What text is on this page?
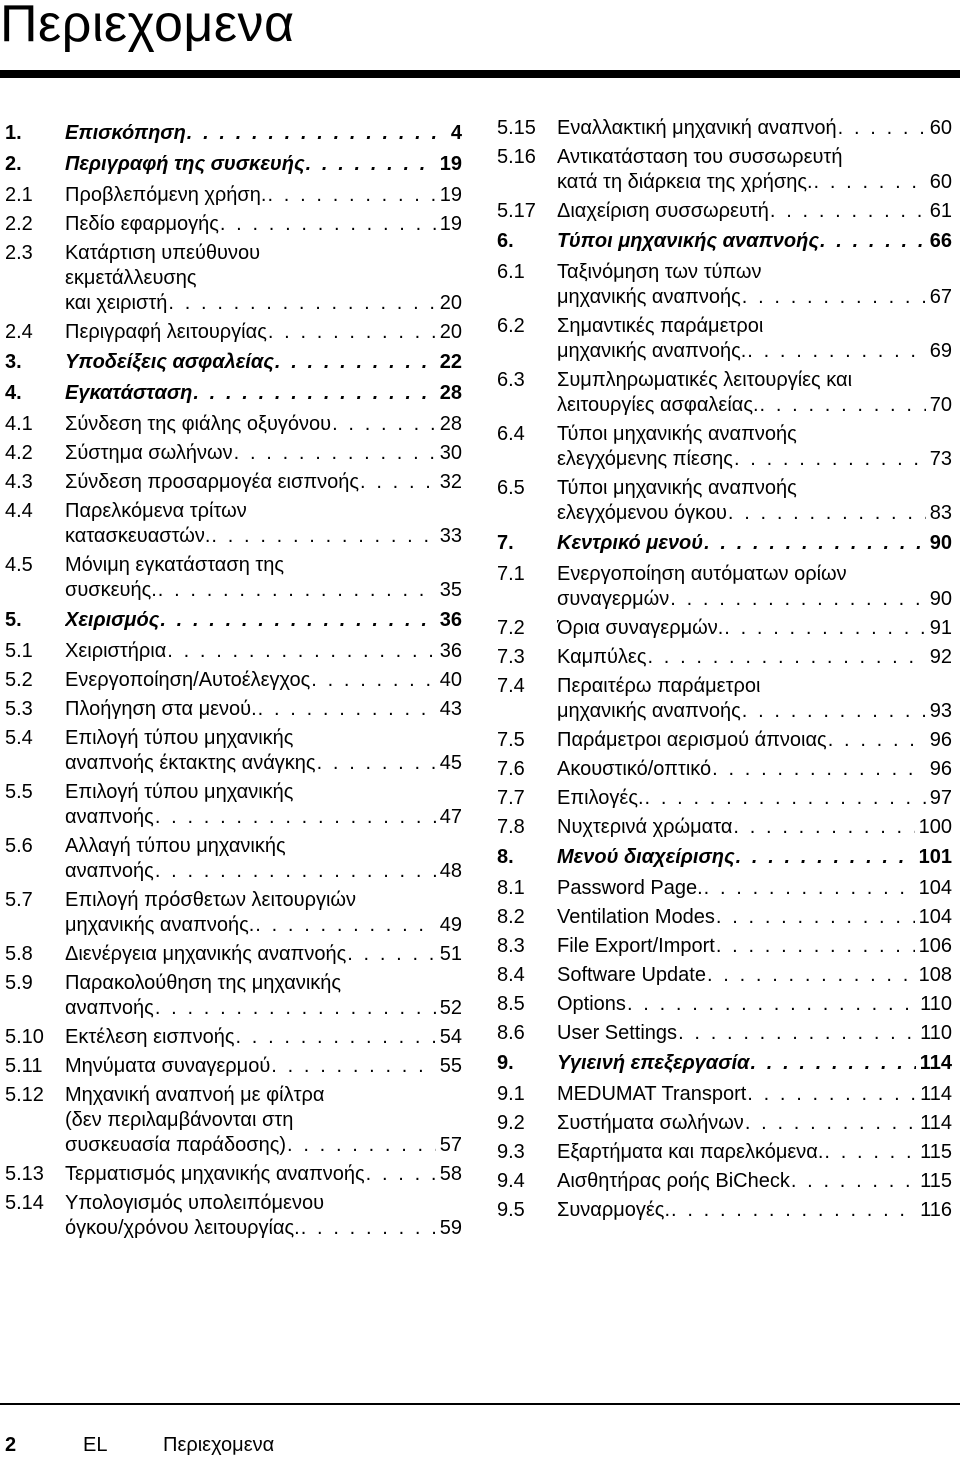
Περιεχομενα
1.	Επισκόπηση . . .	4
2.	Περιγραφή της συσκευής . . .	19
2.1	Προβλεπόμενη χρήση. . . .	19
2.2	Πεδίο εφαρμογής . . .	19
2.3	Κατάρτιση υπεύθυνου
εκμετάλλευσης
και χειριστή . . .	20
2.4	Περιγραφή λειτουργίας . . .	20
3.	Υποδείξεις ασφαλείας . . .	22
4.	Εγκατάσταση . . .	28
4.1	Σύνδεση της φιάλης οξυγόνου . . .	28
4.2	Σύστημα σωλήνων . . .	30
4.3	Σύνδεση προσαρμογέα εισπνοής . . .	32
4.4	Παρελκόμενα τρίτων
κατασκευαστών. . . .	33
4.5	Μόνιμη εγκατάσταση της
συσκευής. . . .	35
5.	Χειρισμός . . .	36
5.1	Χειριστήρια . . .	36
5.2	Ενεργοποίηση/Αυτοέλεγχος . . .	40
5.3	Πλοήγηση στα μενού. . . .	43
5.4	Επιλογή τύπου μηχανικής
αναπνοής έκτακτης ανάγκης . . .	45
5.5	Επιλογή τύπου μηχανικής
αναπνοής . . .	47
5.6	Αλλαγή τύπου μηχανικής
αναπνοής . . .	48
5.7	Επιλογή πρόσθετων λειτουργιών
μηχανικής αναπνοής. . . .	49
5.8	Διενέργεια μηχανικής αναπνοής . . .	51
5.9	Παρακολούθηση της μηχανικής
αναπνοής . . .	52
5.10	Εκτέλεση εισπνοής . . .	54
5.11	Μηνύματα συναγερμού . . .	55
5.12	Μηχανική αναπνοή με φίλτρα
(δεν περιλαμβάνονται στη
συσκευασία παράδοσης) . . .	57
5.13	Τερματισμός μηχανικής αναπνοής . . .	58
5.14	Υπολογισμός υπολειπόμενου
όγκου/χρόνου λειτουργίας. . . .	59
5.15	Εναλλακτική μηχανική αναπνοή . . .	60
5.16	Αντικατάσταση του συσσωρευτή
κατά τη διάρκεια της χρήσης. . . .	60
5.17	Διαχείριση συσσωρευτή . . .	61
6.	Τύποι μηχανικής αναπνοής . . .	66
6.1	Ταξινόμηση των τύπων
μηχανικής αναπνοής . . .	67
6.2	Σημαντικές παράμετροι
μηχανικής αναπνοής. . . .	69
6.3	Συμπληρωματικές λειτουργίες και
λειτουργίες ασφαλείας. . . .	70
6.4	Τύποι μηχανικής αναπνοής
ελεγχόμενης πίεσης . . .	73
6.5	Τύποι μηχανικής αναπνοής
ελεγχόμενου όγκου . . .	83
7.	Κεντρικό μενού . . .	90
7.1	Ενεργοποίηση αυτόματων ορίων
συναγερμών . . .	90
7.2	Όρια συναγερμών. . . .	91
7.3	Καμπύλες . . .	92
7.4	Περαιτέρω παράμετροι
μηχανικής αναπνοής . . .	93
7.5	Παράμετροι αερισμού άπνοιας . . .	96
7.6	Ακουστικό/οπτικό . . .	96
7.7	Επιλογές. . . .	97
7.8	Νυχτερινά χρώματα . . .	100
8.	Μενού διαχείρισης . . .	101
8.1	Password Page. . . .	104
8.2	Ventilation Modes . . .	104
8.3	File Export/Import . . .	106
8.4	Software Update . . .	108
8.5	Options . . .	110
8.6	User Settings . . .	110
9.	Υγιεινή επεξεργασία . . .	114
9.1	MEDUMAT Transport . . .	114
9.2	Συστήματα σωλήνων . . .	114
9.3	Εξαρτήματα και παρελκόμενα. . . .	115
9.4	Αισθητήρας ροής BiCheck . . .	115
9.5	Συναρμογές. . . .	116
2	EL	Περιεχομενα
